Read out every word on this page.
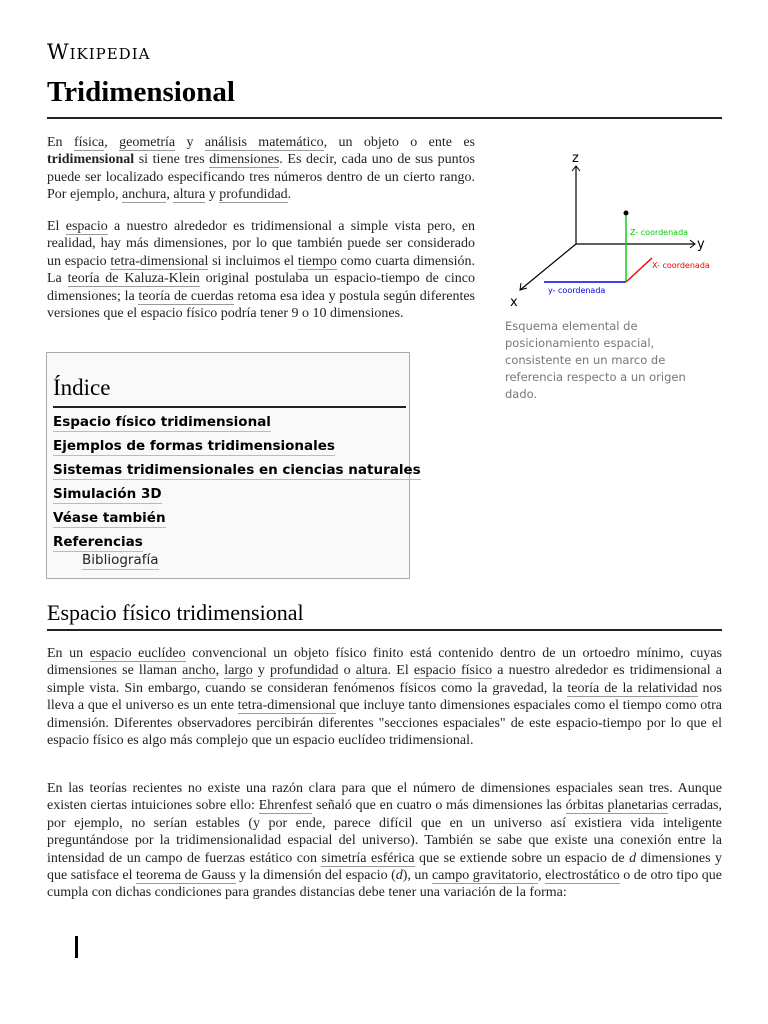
Wikipedia
Tridimensional

En física, geometría y análisis matemático, un objeto o ente es tridimensional si tiene tres dimensiones. Es decir, cada uno de sus puntos puede ser localizado especificando tres números dentro de un cierto rango. Por ejemplo, anchura, altura y profundidad.

El espacio a nuestro alrededor es tridimensional a simple vista pero, en realidad, hay más dimensiones, por lo que también puede ser considerado un espacio tetra-dimensional si incluimos el tiempo como cuarta dimensión. La teoría de Kaluza-Klein original postulaba un espacio-tiempo de cinco dimensiones; la teoría de cuerdas retoma esa idea y postula según diferentes versiones que el espacio físico podría tener 9 o 10 dimensiones.

z
y
x
Z- coordenada
X- coordenada
y- coordenada

Esquema elemental de posicionamiento espacial, consistente en un marco de referencia respecto a un origen dado.

Índice
Espacio físico tridimensional
Ejemplos de formas tridimensionales
Sistemas tridimensionales en ciencias naturales
Simulación 3D
Véase también
Referencias
Bibliografía
Espacio físico tridimensional

En un espacio euclídeo convencional un objeto físico finito está contenido dentro de un ortoedro mínimo, cuyas dimensiones se llaman ancho, largo y profundidad o altura. El espacio físico a nuestro alrededor es tridimensional a simple vista. Sin embargo, cuando se consideran fenómenos físicos como la gravedad, la teoría de la relatividad nos lleva a que el universo es un ente tetra-dimensional que incluye tanto dimensiones espaciales como el tiempo como otra dimensión. Diferentes observadores percibirán diferentes "secciones espaciales" de este espacio-tiempo por lo que el espacio físico es algo más complejo que un espacio euclídeo tridimensional.

En las teorías recientes no existe una razón clara para que el número de dimensiones espaciales sean tres. Aunque existen ciertas intuiciones sobre ello: Ehrenfest señaló que en cuatro o más dimensiones las órbitas planetarias cerradas, por ejemplo, no serían estables (y por ende, parece difícil que en un universo así existiera vida inteligente preguntándose por la tridimensionalidad espacial del universo). También se sabe que existe una conexión entre la intensidad de un campo de fuerzas estático con simetría esférica que se extiende sobre un espacio de d dimensiones y que satisface el teorema de Gauss y la dimensión del espacio (d), un campo gravitatorio, electrostático o de otro tipo que cumpla con dichas condiciones para grandes distancias debe tener una variación de la forma:
